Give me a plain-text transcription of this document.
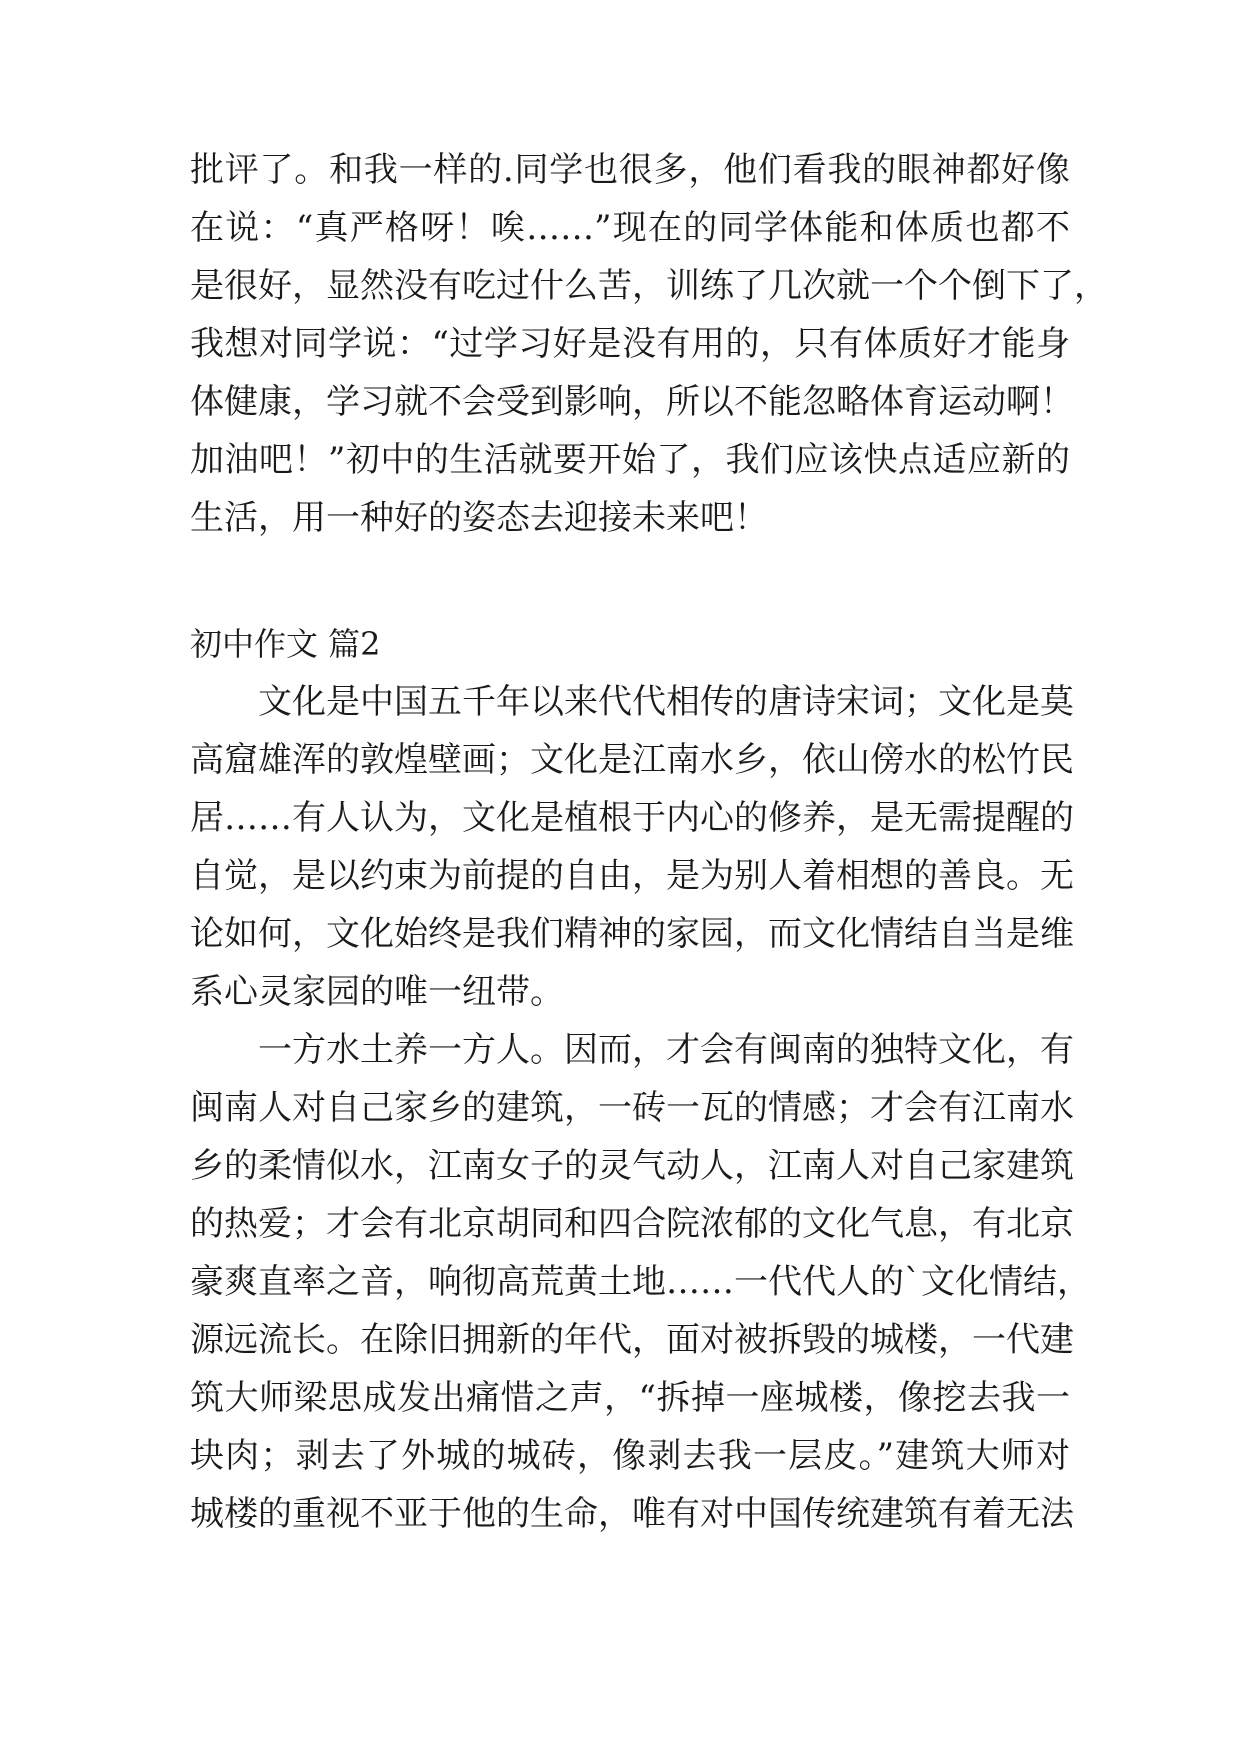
批评了。和我一样的.同学也很多，他们看我的眼神都好像
在说：“真严格呀！唉……”现在的同学体能和体质也都不
是很好，显然没有吃过什么苦，训练了几次就一个个倒下了，
我想对同学说：“过学习好是没有用的，只有体质好才能身
体健康，学习就不会受到影响，所以不能忽略体育运动啊！
加油吧！”初中的生活就要开始了，我们应该快点适应新的
生活，用一种好的姿态去迎接未来吧！
初中作文 篇2
文化是中国五千年以来代代相传的唐诗宋词；文化是莫
高窟雄浑的敦煌壁画；文化是江南水乡，依山傍水的松竹民
居……有人认为，文化是植根于内心的修养，是无需提醒的
自觉，是以约束为前提的自由，是为别人着相想的善良。无
论如何，文化始终是我们精神的家园，而文化情结自当是维
系心灵家园的唯一纽带。
一方水土养一方人。因而，才会有闽南的独特文化，有
闽南人对自己家乡的建筑，一砖一瓦的情感；才会有江南水
乡的柔情似水，江南女子的灵气动人，江南人对自己家建筑
的热爱；才会有北京胡同和四合院浓郁的文化气息，有北京
豪爽直率之音，响彻高荒黄土地……一代代人的`文化情结，
源远流长。在除旧拥新的年代，面对被拆毁的城楼，一代建
筑大师梁思成发出痛惜之声，“拆掉一座城楼，像挖去我一
块肉；剥去了外城的城砖，像剥去我一层皮。”建筑大师对
城楼的重视不亚于他的生命，唯有对中国传统建筑有着无法
